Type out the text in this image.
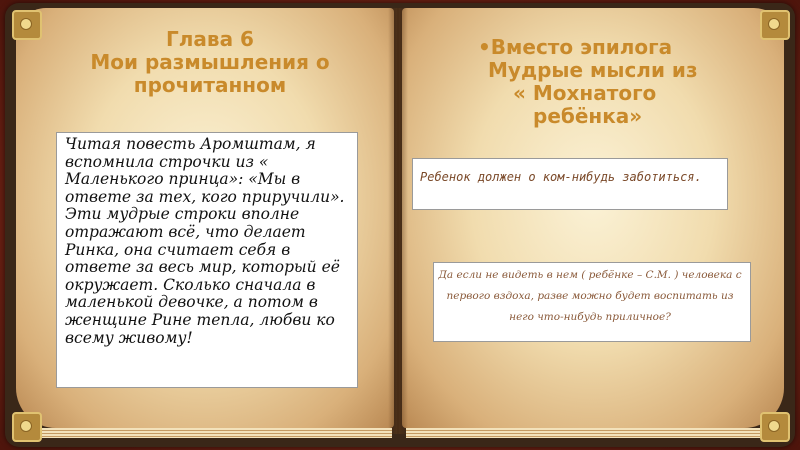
Глава 6
Мои размышления о
прочитанном
Читая повесть Аромштам, я
вспомнила строчки из «
Маленького принца»: «Мы в
ответе за тех, кого приручили».
Эти мудрые строки вполне
отражают всё, что делает
Ринка, она считает себя в
ответе за весь мир, который её
окружает. Сколько сначала в
маленькой девочке, а потом в
женщине Рине тепла, любви ко
всему живому!
•Вместо эпилога
Мудрые мысли из
« Мохнатого
ребёнка»
Ребенок должен о ком-нибудь заботиться.
Да если не видеть в нем ( ребёнке – С.М. ) человека с первого вздоха, разве можно будет воспитать из него что-нибудь приличное?
